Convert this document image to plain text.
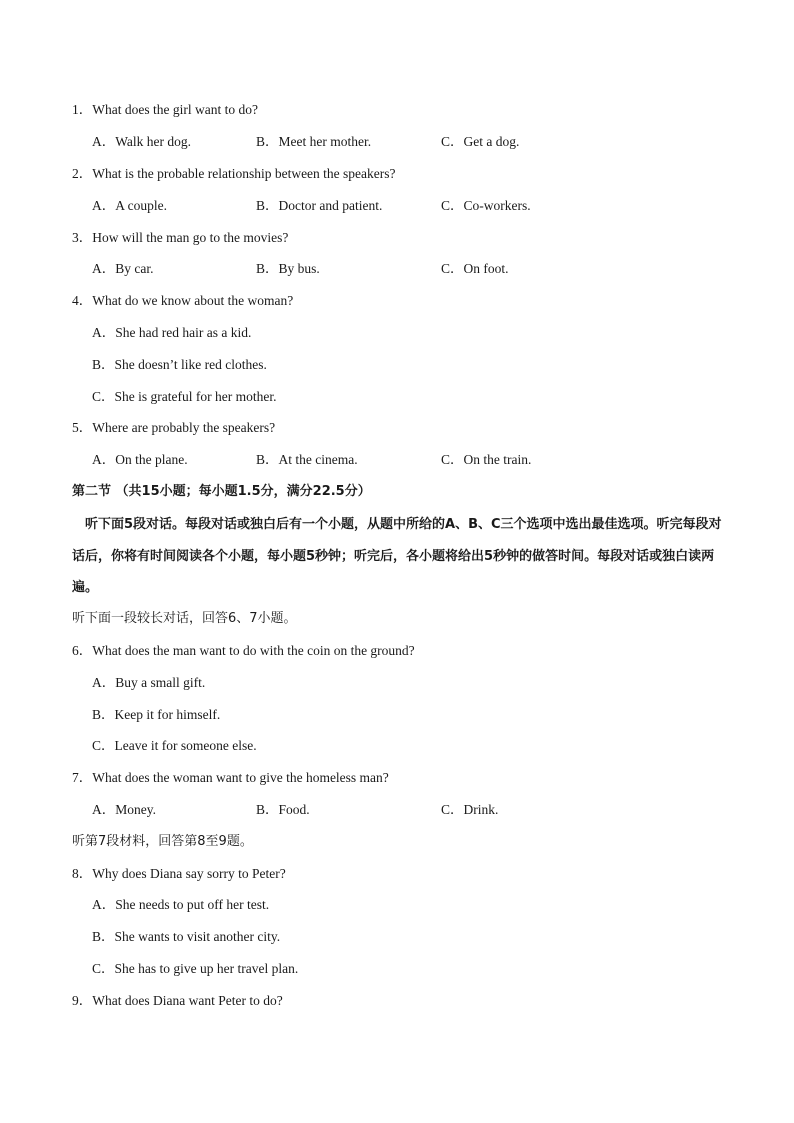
1．What does the girl want to do?
A．Walk her dog.	B．Meet her mother.	C．Get a dog.
2．What is the probable relationship between the speakers?
A．A couple.	B．Doctor and patient.	C．Co-workers.
3．How will the man go to the movies?
A．By car.	B．By bus.	C．On foot.
4．What do we know about the woman?
A．She had red hair as a kid.
B．She doesn’t like red clothes.
C．She is grateful for her mother.
5．Where are probably the speakers?
A．On the plane.	B．At the cinema.	C．On the train.
第二节 （共15小题；每小题1.5分，满分22.5分）
听下面5段对话。每段对话或独白后有一个小题，从题中所给的A、B、C三个选项中选出最佳选项。听完每段对话后，你将有时间阅读各个小题，每小题5秒钟；听完后，各小题将给出5秒钟的做答时间。每段对话或独白读两遍。
听下面一段较长对话，回答6、7小题。
6．What does the man want to do with the coin on the ground?
A．Buy a small gift.
B．Keep it for himself.
C．Leave it for someone else.
7．What does the woman want to give the homeless man?
A．Money.	B．Food.	C．Drink.
听第7段材料，回答第8至9题。
8．Why does Diana say sorry to Peter?
A．She needs to put off her test.
B．She wants to visit another city.
C．She has to give up her travel plan.
9．What does Diana want Peter to do?
